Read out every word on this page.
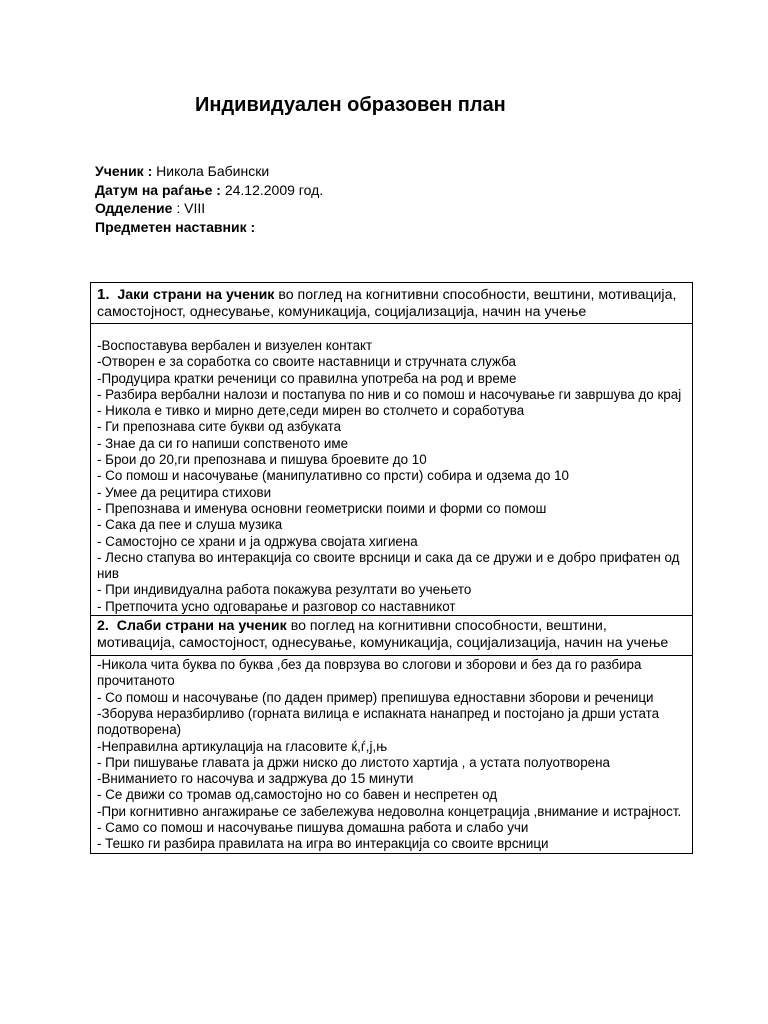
Индивидуален образовен план
Ученик : Никола Бабински
Датум на раѓање : 24.12.2009 год.
Одделение : VIII
Предметен наставник :
1. Јаки страни на ученик во поглед на когнитивни способности, вештини, мотивација, самостојност, однесување, комуникација, социјализација, начин на учење

-Воспоставува вербален и визуелен контакт
-Отворен е за соработка со своите наставници и стручната служба
-Продуцира кратки реченици со правилна употреба на род и време
- Разбира вербални налози и постапува по нив и со помош и насочување ги завршува до крај
- Никола е тивко и мирно дете,седи мирен во столчето и соработува
- Ги препознава сите букви од азбуката
- Знае да си го напиши сопственото име
- Брои до 20,ги препознава и пишува броевите до 10
- Со помош и насочување (манипулативно со прсти) собира и одзема до 10
- Умее да рецитира стихови
- Препознава и именува основни геометриски поими и форми со помош
- Сака да пее и слуша музика
- Самостојно се храни и ја одржува својата хигиена
- Лесно стапува во интеракција со своите врсници и сака да се дружи и е добро прифатен од нив
- При индивидуална работа покажува резултати во учењето
- Претпочита усно одговарање и разговор со наставникот

2. Слаби страни на ученик во поглед на когнитивни способности, вештини, мотивација, самостојност, однесување, комуникација, социјализација, начин на учење

-Никола чита буква по буква ,без да поврзува во слогови и зборови и без да го разбира прочитаното
- Со помош и насочување (по даден пример) препишува едноставни зборови и реченици
-Зборува неразбирливо (горната вилица е испакната нанапред и постојано ја дрши устата подотворена)
-Неправилна артикулација на гласовите ќ,ѓ,ј,њ
- При пишување главата ја држи ниско до листото хартија , а устата полуотворена
-Вниманието го насочува и задржува до 15 минути
- Се движи со тромав од,самостојно но со бавен и неспретен од
-При когнитивно ангажирање се забележува недоволна концетрација ,внимание и истрајност.
- Само со помош и насочување пишува домашна работа и слабо учи
- Тешко ги разбира правилата на игра во интеракција со своите врсници
